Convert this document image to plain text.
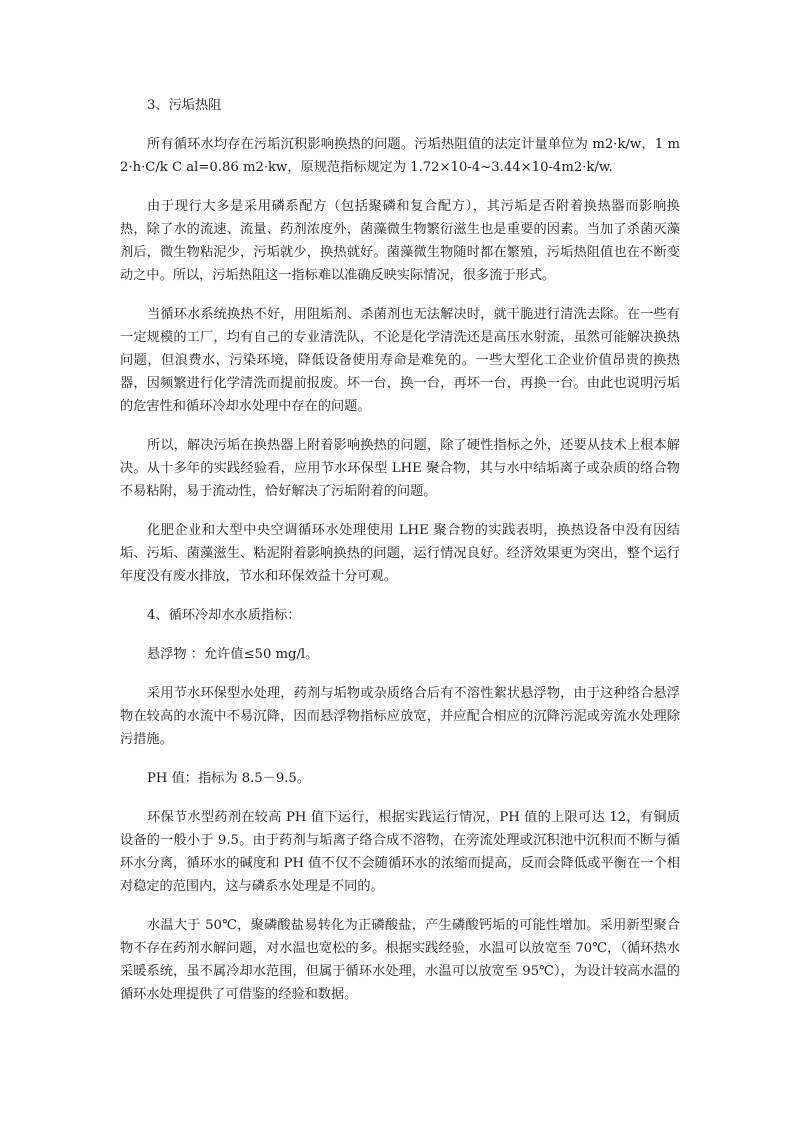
3、污垢热阻

所有循环水均存在污垢沉积影响换热的问题。污垢热阻值的法定计量单位为 m2·k/w，1 m2·h·C/k C al=0.86 m2·kw，原规范指标规定为 1.72×10-4~3.44×10-4m2·k/w.

由于现行大多是采用磷系配方（包括聚磷和复合配方），其污垢是否附着换热器而影响换热，除了水的流速、流量、药剂浓度外，菌藻微生物繁衍滋生也是重要的因素。当加了杀菌灭藻剂后，微生物粘泥少，污垢就少，换热就好。菌藻微生物随时都在繁殖，污垢热阻值也在不断变动之中。所以，污垢热阻这一指标难以准确反映实际情况，很多流于形式。

当循环水系统换热不好，用阻垢剂、杀菌剂也无法解决时，就干脆进行清洗去除。在一些有一定规模的工厂，均有自己的专业清洗队，不论是化学清洗还是高压水射流，虽然可能解决换热问题，但浪费水，污染环境，降低设备使用寿命是难免的。一些大型化工企业价值昂贵的换热器，因频繁进行化学清洗而提前报废。坏一台，换一台，再坏一台，再换一台。由此也说明污垢的危害性和循环冷却水处理中存在的问题。

所以，解决污垢在换热器上附着影响换热的问题，除了硬性指标之外，还要从技术上根本解决。从十多年的实践经验看，应用节水环保型 LHE 聚合物，其与水中结垢离子或杂质的络合物不易粘附，易于流动性，恰好解决了污垢附着的问题。

化肥企业和大型中央空调循环水处理使用 LHE 聚合物的实践表明，换热设备中没有因结垢、污垢、菌藻滋生、粘泥附着影响换热的问题，运行情况良好。经济效果更为突出，整个运行年度没有废水排放，节水和环保效益十分可观。

4、循环冷却水水质指标：

悬浮物 ：允许值≤50 mg/l。

采用节水环保型水处理，药剂与垢物或杂质络合后有不溶性絮状悬浮物，由于这种络合悬浮物在较高的水流中不易沉降，因而悬浮物指标应放宽，并应配合相应的沉降污泥或旁流水处理除污措施。

PH 值：指标为 8.5－9.5。

环保节水型药剂在较高 PH 值下运行，根据实践运行情况，PH 值的上限可达 12，有铜质设备的一般小于 9.5。由于药剂与垢离子络合成不溶物，在旁流处理或沉积池中沉积而不断与循环水分离，循环水的碱度和 PH 值不仅不会随循环水的浓缩而提高，反而会降低或平衡在一个相对稳定的范围内，这与磷系水处理是不同的。

水温大于 50℃，聚磷酸盐易转化为正磷酸盐，产生磷酸钙垢的可能性增加。采用新型聚合物不存在药剂水解问题，对水温也宽松的多。根据实践经验，水温可以放宽至 70℃，（循环热水采暖系统，虽不属冷却水范围，但属于循环水处理，水温可以放宽至 95℃），为设计较高水温的循环水处理提供了可借鉴的经验和数据。
